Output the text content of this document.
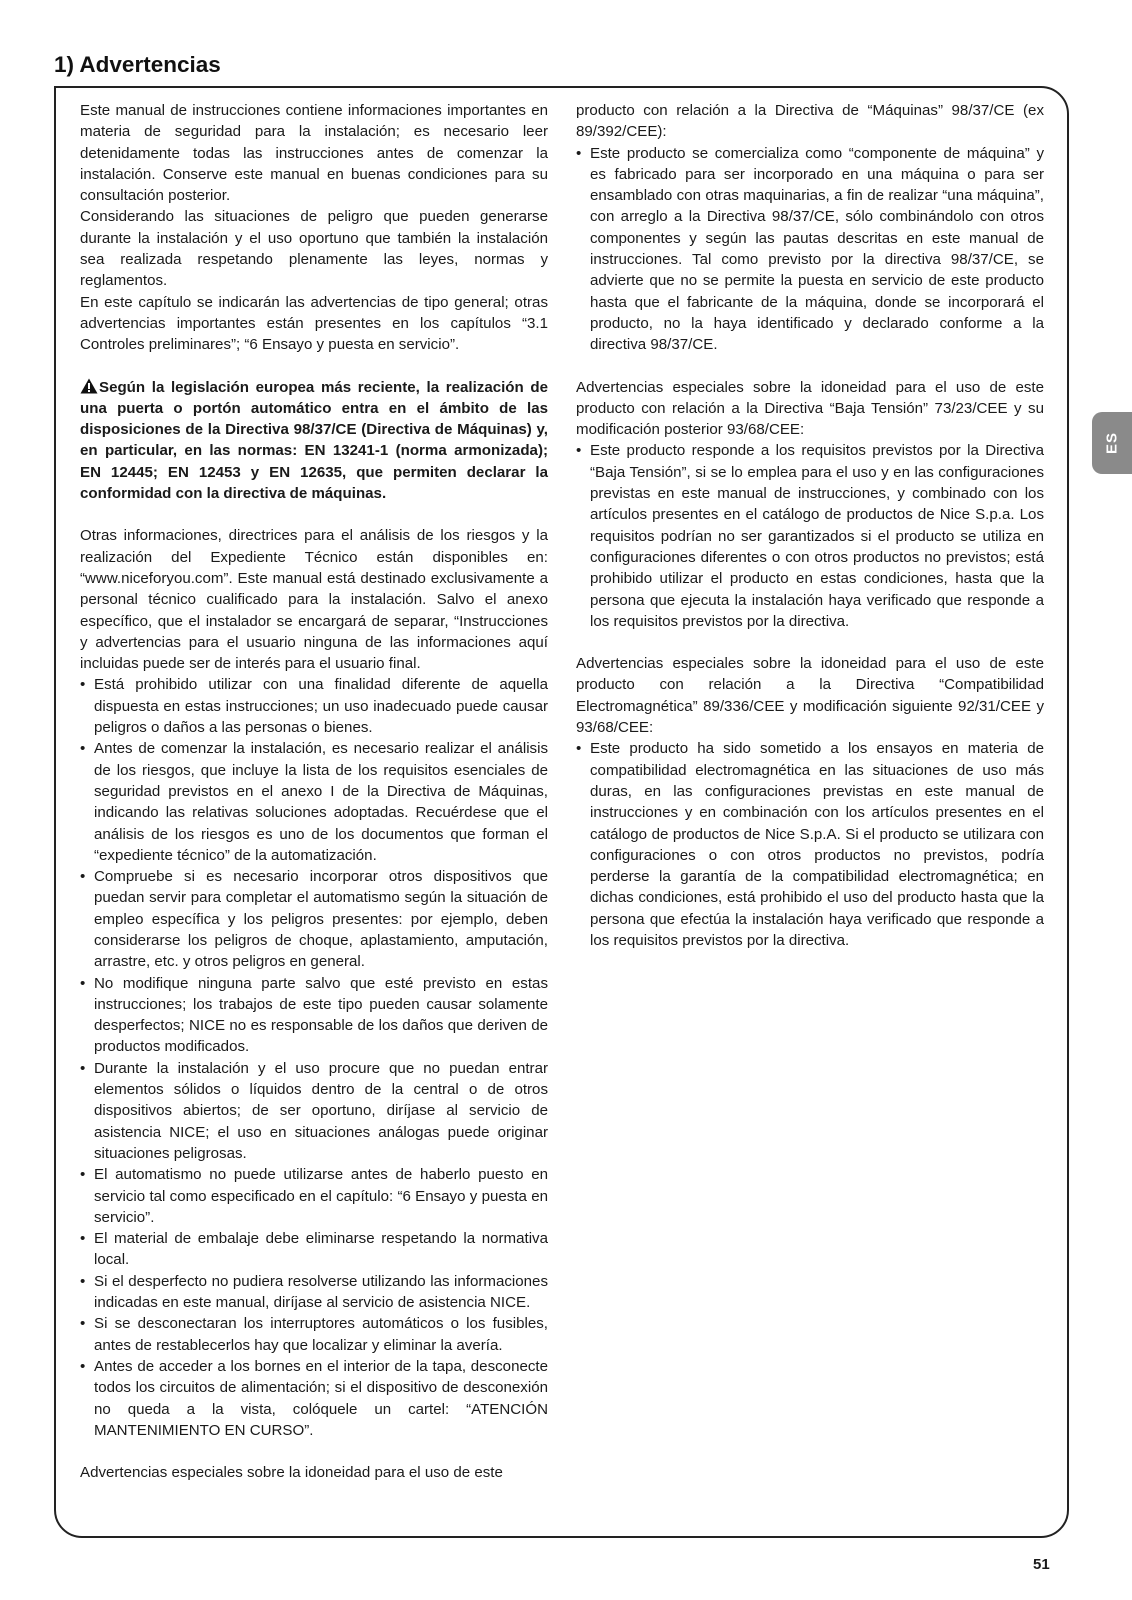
1) Advertencias

Este manual de instrucciones contiene informaciones importantes en materia de seguridad para la instalación; es necesario leer detenidamente todas las instrucciones antes de comenzar la instalación. Conserve este manual en buenas condiciones para su consultación posterior.

Considerando las situaciones de peligro que pueden generarse durante la instalación y el uso oportuno que también la instalación sea realizada respetando plenamente las leyes, normas y reglamentos.

En este capítulo se indicarán las advertencias de tipo general; otras advertencias importantes están presentes en los capítulos “3.1 Controles preliminares”; “6 Ensayo y puesta en servicio”.

Según la legislación europea más reciente, la realización de una puerta o portón automático entra en el ámbito de las disposiciones de la Directiva 98/37/CE (Directiva de Máquinas) y, en particular, en las normas: EN 13241-1 (norma armonizada); EN 12445; EN 12453 y EN 12635, que permiten declarar la conformidad con la directiva de máquinas.

Otras informaciones, directrices para el análisis de los riesgos y la realización del Expediente Técnico están disponibles en: “www.niceforyou.com”. Este manual está destinado exclusivamente a personal técnico cualificado para la instalación. Salvo el anexo específico, que el instalador se encargará de separar, “Instrucciones y advertencias para el usuario ninguna de las informaciones aquí incluidas puede ser de interés para el usuario final.

• Está prohibido utilizar con una finalidad diferente de aquella dispuesta en estas instrucciones; un uso inadecuado puede causar peligros o daños a las personas o bienes.
• Antes de comenzar la instalación, es necesario realizar el análisis de los riesgos, que incluye la lista de los requisitos esenciales de seguridad previstos en el anexo I de la Directiva de Máquinas, indicando las relativas soluciones adoptadas. Recuérdese que el análisis de los riesgos es uno de los documentos que forman el “expediente técnico” de la automatización.
• Compruebe si es necesario incorporar otros dispositivos que puedan servir para completar el automatismo según la situación de empleo específica y los peligros presentes: por ejemplo, deben considerarse los peligros de choque, aplastamiento, amputación, arrastre, etc. y otros peligros en general.
• No modifique ninguna parte salvo que esté previsto en estas instrucciones; los trabajos de este tipo pueden causar solamente desperfectos; NICE no es responsable de los daños que deriven de productos modificados.
• Durante la instalación y el uso procure que no puedan entrar elementos sólidos o líquidos dentro de la central o de otros dispositivos abiertos; de ser oportuno, diríjase al servicio de asistencia NICE; el uso en situaciones análogas puede originar situaciones peligrosas.
• El automatismo no puede utilizarse antes de haberlo puesto en servicio tal como especificado en el capítulo: “6 Ensayo y puesta en servicio”.
• El material de embalaje debe eliminarse respetando la normativa local.
• Si el desperfecto no pudiera resolverse utilizando las informaciones indicadas en este manual, diríjase al servicio de asistencia NICE.
• Si se desconectaran los interruptores automáticos o los fusibles, antes de restablecerlos hay que localizar y eliminar la avería.
• Antes de acceder a los bornes en el interior de la tapa, desconecte todos los circuitos de alimentación; si el dispositivo de desconexión no queda a la vista, colóquele un cartel: “ATENCIÓN MANTENIMIENTO EN CURSO”.

Advertencias especiales sobre la idoneidad para el uso de este

producto con relación a la Directiva de “Máquinas” 98/37/CE (ex 89/392/CEE):

• Este producto se comercializa como “componente de máquina” y es fabricado para ser incorporado en una máquina o para ser ensamblado con otras maquinarias, a fin de realizar “una máquina”, con arreglo a la Directiva 98/37/CE, sólo combinándolo con otros componentes y según las pautas descritas en este manual de instrucciones. Tal como previsto por la directiva 98/37/CE, se advierte que no se permite la puesta en servicio de este producto hasta que el fabricante de la máquina, donde se incorporará el producto, no la haya identificado y declarado conforme a la directiva 98/37/CE.

Advertencias especiales sobre la idoneidad para el uso de este producto con relación a la Directiva “Baja Tensión” 73/23/CEE y su modificación posterior 93/68/CEE:

• Este producto responde a los requisitos previstos por la Directiva “Baja Tensión”, si se lo emplea para el uso y en las configuraciones previstas en este manual de instrucciones, y combinado con los artículos presentes en el catálogo de productos de Nice S.p.a. Los requisitos podrían no ser garantizados si el producto se utiliza en configuraciones diferentes o con otros productos no previstos; está prohibido utilizar el producto en estas condiciones, hasta que la persona que ejecuta la instalación haya verificado que responde a los requisitos previstos por la directiva.

Advertencias especiales sobre la idoneidad para el uso de este producto con relación a la Directiva “Compatibilidad Electromagnética” 89/336/CEE y modificación siguiente 92/31/CEE y 93/68/CEE:

• Este producto ha sido sometido a los ensayos en materia de compatibilidad electromagnética en las situaciones de uso más duras, en las configuraciones previstas en este manual de instrucciones y en combinación con los artículos presentes en el catálogo de productos de Nice S.p.A. Si el producto se utilizara con configuraciones o con otros productos no previstos, podría perderse la garantía de la compatibilidad electromagnética; en dichas condiciones, está prohibido el uso del producto hasta que la persona que efectúa la instalación haya verificado que responde a los requisitos previstos por la directiva.
ES
51
